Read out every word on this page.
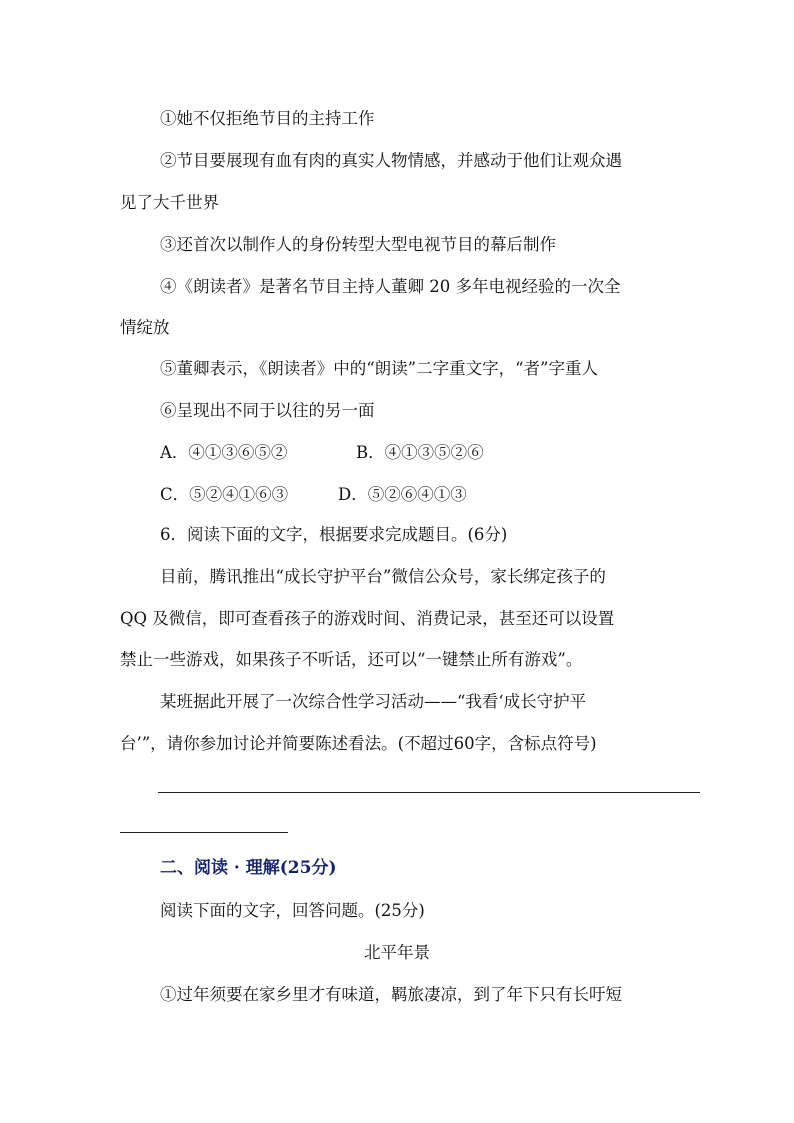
①她不仅拒绝节目的主持工作
②节目要展现有血有肉的真实人物情感，并感动于他们让观众遇
见了大千世界
③还首次以制作人的身份转型大型电视节目的幕后制作
④《朗读者》是著名节目主持人董卿 20 多年电视经验的一次全
情绽放
⑤董卿表示，《朗读者》中的“朗读”二字重文字，“者”字重人
⑥呈现出不同于以往的另一面
A．④①③⑥⑤②	B．④①③⑤②⑥
C．⑤②④①⑥③	D．⑤②⑥④①③
6．阅读下面的文字，根据要求完成题目。(6分)
目前，腾讯推出“成长守护平台”微信公众号，家长绑定孩子的
QQ 及微信，即可查看孩子的游戏时间、消费记录，甚至还可以设置
禁止一些游戏，如果孩子不听话，还可以“一键禁止所有游戏”。
某班据此开展了一次综合性学习活动——“我看‘成长守护平
台’”，请你参加讨论并简要陈述看法。(不超过60字，含标点符号)
二、阅读 · 理解(25分)
阅读下面的文字，回答问题。(25分)
北平年景
①过年须要在家乡里才有味道，羁旅凄凉，到了年下只有长吁短
